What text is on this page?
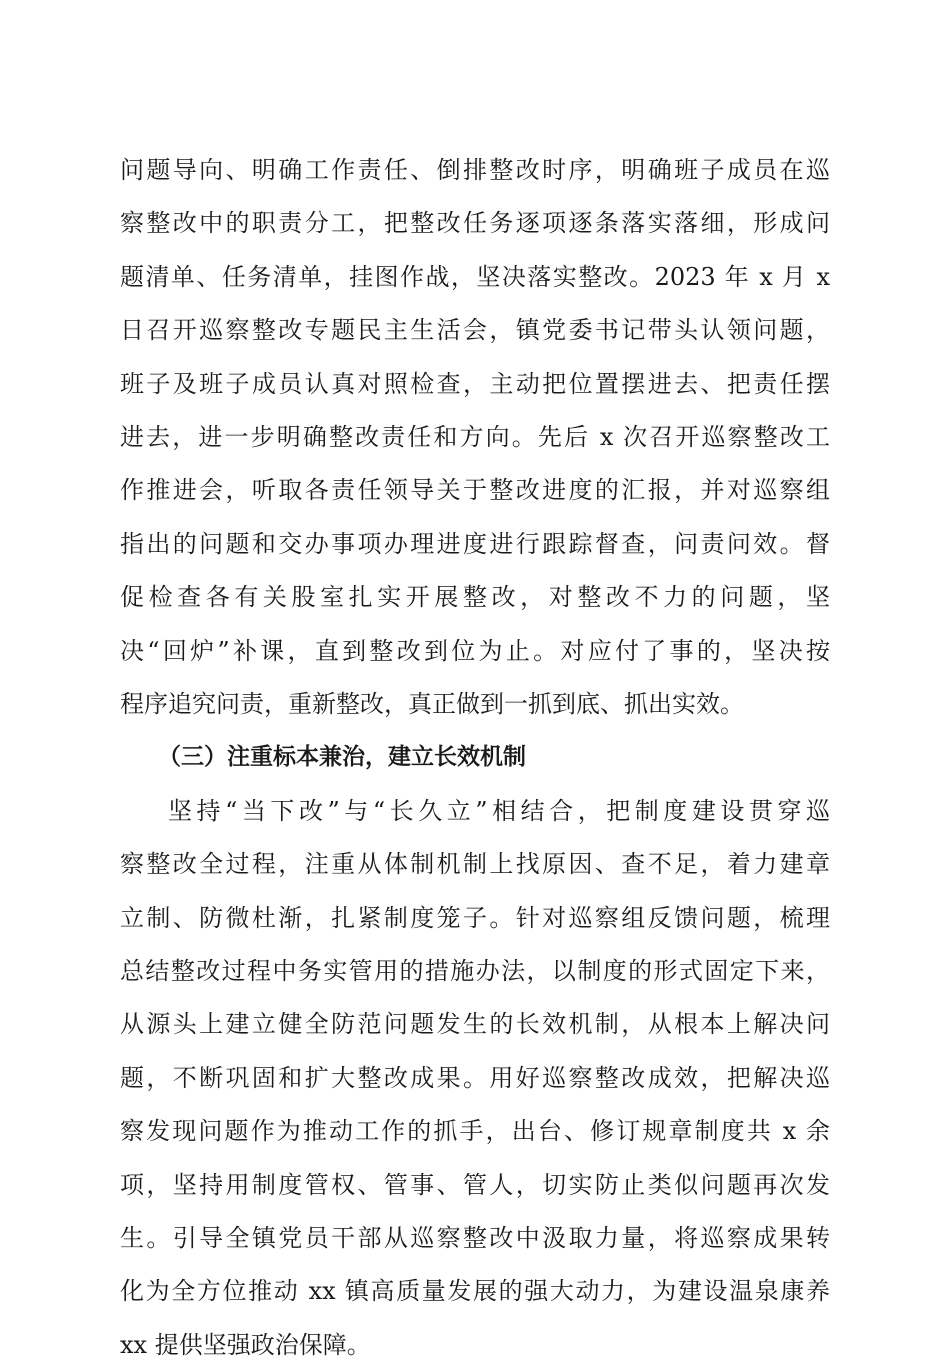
问题导向、明确工作责任、倒排整改时序，明确班子成员在巡
察整改中的职责分工，把整改任务逐项逐条落实落细，形成问
题清单、任务清单，挂图作战，坚决落实整改。2023 年 x 月 x
日召开巡察整改专题民主生活会，镇党委书记带头认领问题，
班子及班子成员认真对照检查，主动把位置摆进去、把责任摆
进去，进一步明确整改责任和方向。先后 x 次召开巡察整改工
作推进会，听取各责任领导关于整改进度的汇报，并对巡察组
指出的问题和交办事项办理进度进行跟踪督查，问责问效。督
促检查各有关股室扎实开展整改，对整改不力的问题，坚
决“回炉”补课，直到整改到位为止。对应付了事的，坚决按
程序追究问责，重新整改，真正做到一抓到底、抓出实效。
（三）注重标本兼治，建立长效机制
坚持“当下改”与“长久立”相结合，把制度建设贯穿巡
察整改全过程，注重从体制机制上找原因、查不足，着力建章
立制、防微杜渐，扎紧制度笼子。针对巡察组反馈问题，梳理
总结整改过程中务实管用的措施办法，以制度的形式固定下来，
从源头上建立健全防范问题发生的长效机制，从根本上解决问
题，不断巩固和扩大整改成果。用好巡察整改成效，把解决巡
察发现问题作为推动工作的抓手，出台、修订规章制度共 x 余
项，坚持用制度管权、管事、管人，切实防止类似问题再次发
生。引导全镇党员干部从巡察整改中汲取力量，将巡察成果转
化为全方位推动 xx 镇高质量发展的强大动力，为建设温泉康养
xx 提供坚强政治保障。
